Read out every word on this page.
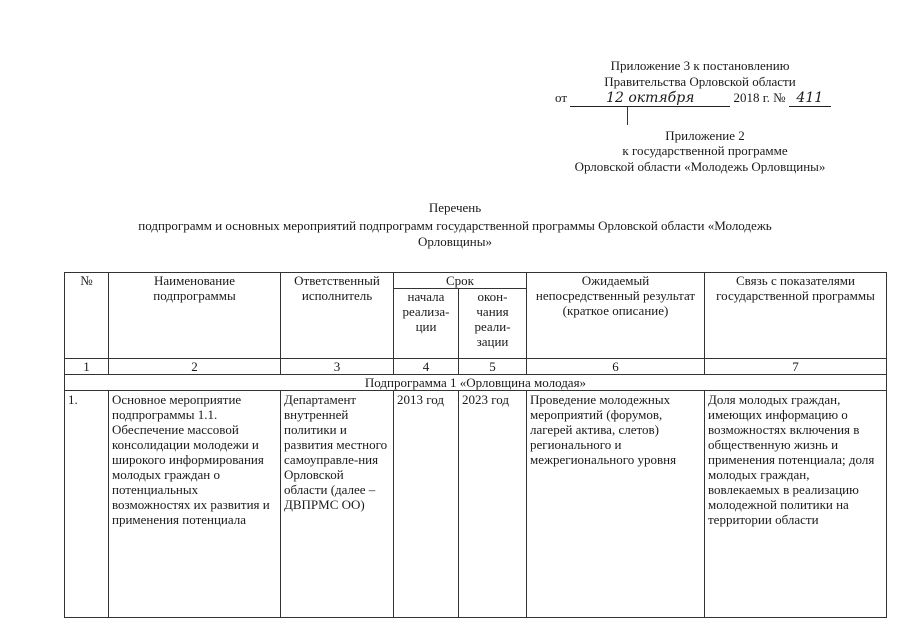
Приложение 3 к постановлению
Правительства Орловской области
от	12 октября	2018 г. № 411
Приложение 2
к государственной программе
Орловской области «Молодежь Орловщины»
Перечень
подпрограмм и основных мероприятий подпрограмм государственной программы Орловской области «Молодежь
Орловщины»
№	Наименование подпрограммы	Ответственный исполнитель	Срок		Ожидаемый непосредственный результат (краткое описание)	Связь с показателями государственной программы
			начала реализа-ции	окон-чания реали-зации		
1	2	3	4	5	6	7
Подпрограмма 1 «Орловщина молодая»						
1.	Основное мероприятие подпрограммы 1.1. Обеспечение массовой консолидации молодежи и широкого информирования молодых граждан о потенциальных возможностях их развития и применения потенциала	Департамент внутренней политики и развития местного самоуправле-ния Орловской области (далее – ДВПРМС ОО)	2013 год	2023 год	Проведение молодежных мероприятий (форумов, лагерей актива, слетов) регионального и межрегионального уровня	Доля молодых граждан, имеющих информацию о возможностях включения в общественную жизнь и применения потенциала; доля молодых граждан, вовлекаемых в реализацию молодежной политики на территории области
